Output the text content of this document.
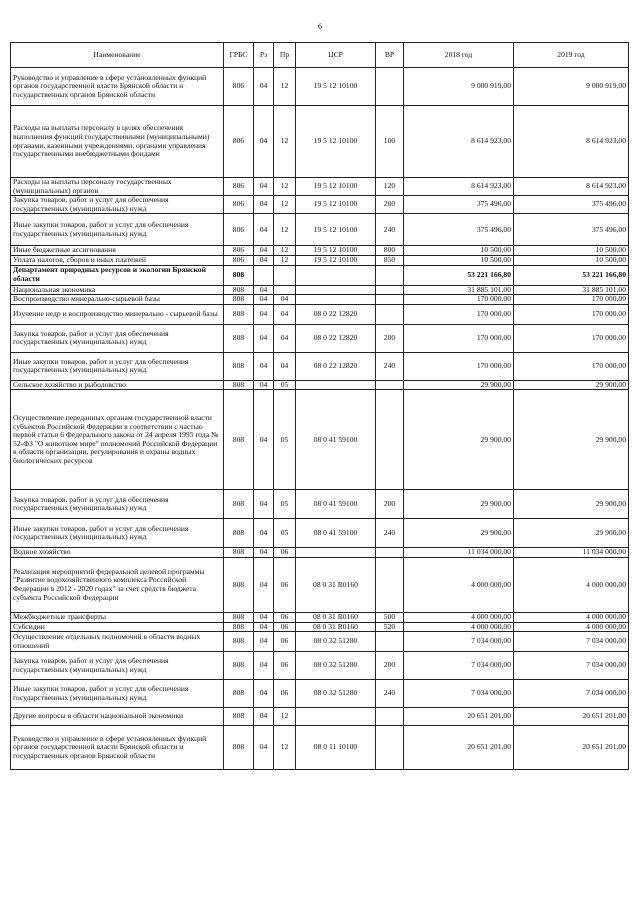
6
Наименование	ГРБС	Рз	Пр	ЦСР	ВР	2018 год	2019 год
Руководство и управление в сфере установленных функций органов государственной власти Брянской области и государственных органов Брянской области	806	04	12	19 5 12 10100		9 000 919,00	9 000 919,00
Расходы на выплаты персоналу в целях обеспечения выполнения функций государственными (муниципальными) органами, казенными учреждениями, органами управления государственными внебюджетными фондами	806	04	12	19 5 12 10100	100	8 614 923,00	8 614 923,00
Расходы на выплаты персоналу государственных (муниципальных) органов	806	04	12	19 5 12 10100	120	8 614 923,00	8 614 923,00
Закупка товаров, работ и услуг для обеспечения государственных (муниципальных) нужд	806	04	12	19 5 12 10100	200	375 496,00	375 496,00
Иные закупки товаров, работ и услуг для обеспечения государственных (муниципальных) нужд	806	04	12	19 5 12 10100	240	375 496,00	375 496,00
Иные бюджетные ассигнования	806	04	12	19 5 12 10100	800	10 500,00	10 500,00
Уплата налогов, сборов и иных платежей	806	04	12	19 5 12 10100	850	10 500,00	10 500,00
Департамент природных ресурсов и экологии Брянской области	808					53 221 166,80	53 221 166,80
Национальная экономика	808	04				31 885 101,00	31 885 101,00
Воспроизводство минерально-сырьевой базы	808	04	04			170 000,00	170 000,00
Изучение недр и воспроизводство минерально - сырьевой базы	808	04	04	08 0 22 12820		170 000,00	170 000,00
Закупка товаров, работ и услуг для обеспечения государственных (муниципальных) нужд	808	04	04	08 0 22 12820	200	170 000,00	170 000,00
Иные закупки товаров, работ и услуг для обеспечения государственных (муниципальных) нужд	808	04	04	08 0 22 12820	240	170 000,00	170 000,00
Сельское хозяйство и рыболовство	808	04	05			29 900,00	29 900,00
Осуществление переданных органам государственной власти субъектов Российской Федерации в соответствии с частью первой статьи 6 Федерального закона от 24 апреля 1995 года № 52-ФЗ "О животном мире" полномочий Российской Федерации в области организации, регулирования и охраны водных биологических ресурсов	808	04	05	08 0 41 59100		29 900,00	29 900,00
Закупка товаров, работ и услуг для обеспечения государственных (муниципальных) нужд	808	04	05	08 0 41 59100	200	29 900,00	29 900,00
Иные закупки товаров, работ и услуг для обеспечения государственных (муниципальных) нужд	808	04	05	08 0 41 59100	240	29 900,00	29 900,00
Водное хозяйство	808	04	06			11 034 000,00	11 034 000,00
Реализация мероприятий федеральной целевой программы "Развитие водохозяйственного комплекса Российской Федерации в 2012 - 2020 годах" за счет средств бюджета субъекта Российской Федерации	808	04	06	08 0 31 R0160		4 000 000,00	4 000 000,00
Межбюджетные трансферты	808	04	06	08 0 31 R0160	500	4 000 000,00	4 000 000,00
Субсидии	808	04	06	08 0 31 R0160	520	4 000 000,00	4 000 000,00
Осуществление отдельных полномочий в области водных отношений	808	04	06	08 0 32 51280		7 034 000,00	7 034 000,00
Закупка товаров, работ и услуг для обеспечения государственных (муниципальных) нужд	808	04	06	08 0 32 51280	200	7 034 000,00	7 034 000,00
Иные закупки товаров, работ и услуг для обеспечения государственных (муниципальных) нужд	808	04	06	08 0 32 51280	240	7 034 000,00	7 034 000,00
Другие вопросы в области национальной экономики	808	04	12			20 651 201,00	20 651 201,00
Руководство и управление в сфере установленных функций органов государственной власти Брянской области и государственных органов Брянской области	808	04	12	08 0 11 10100		20 651 201,00	20 651 201,00
